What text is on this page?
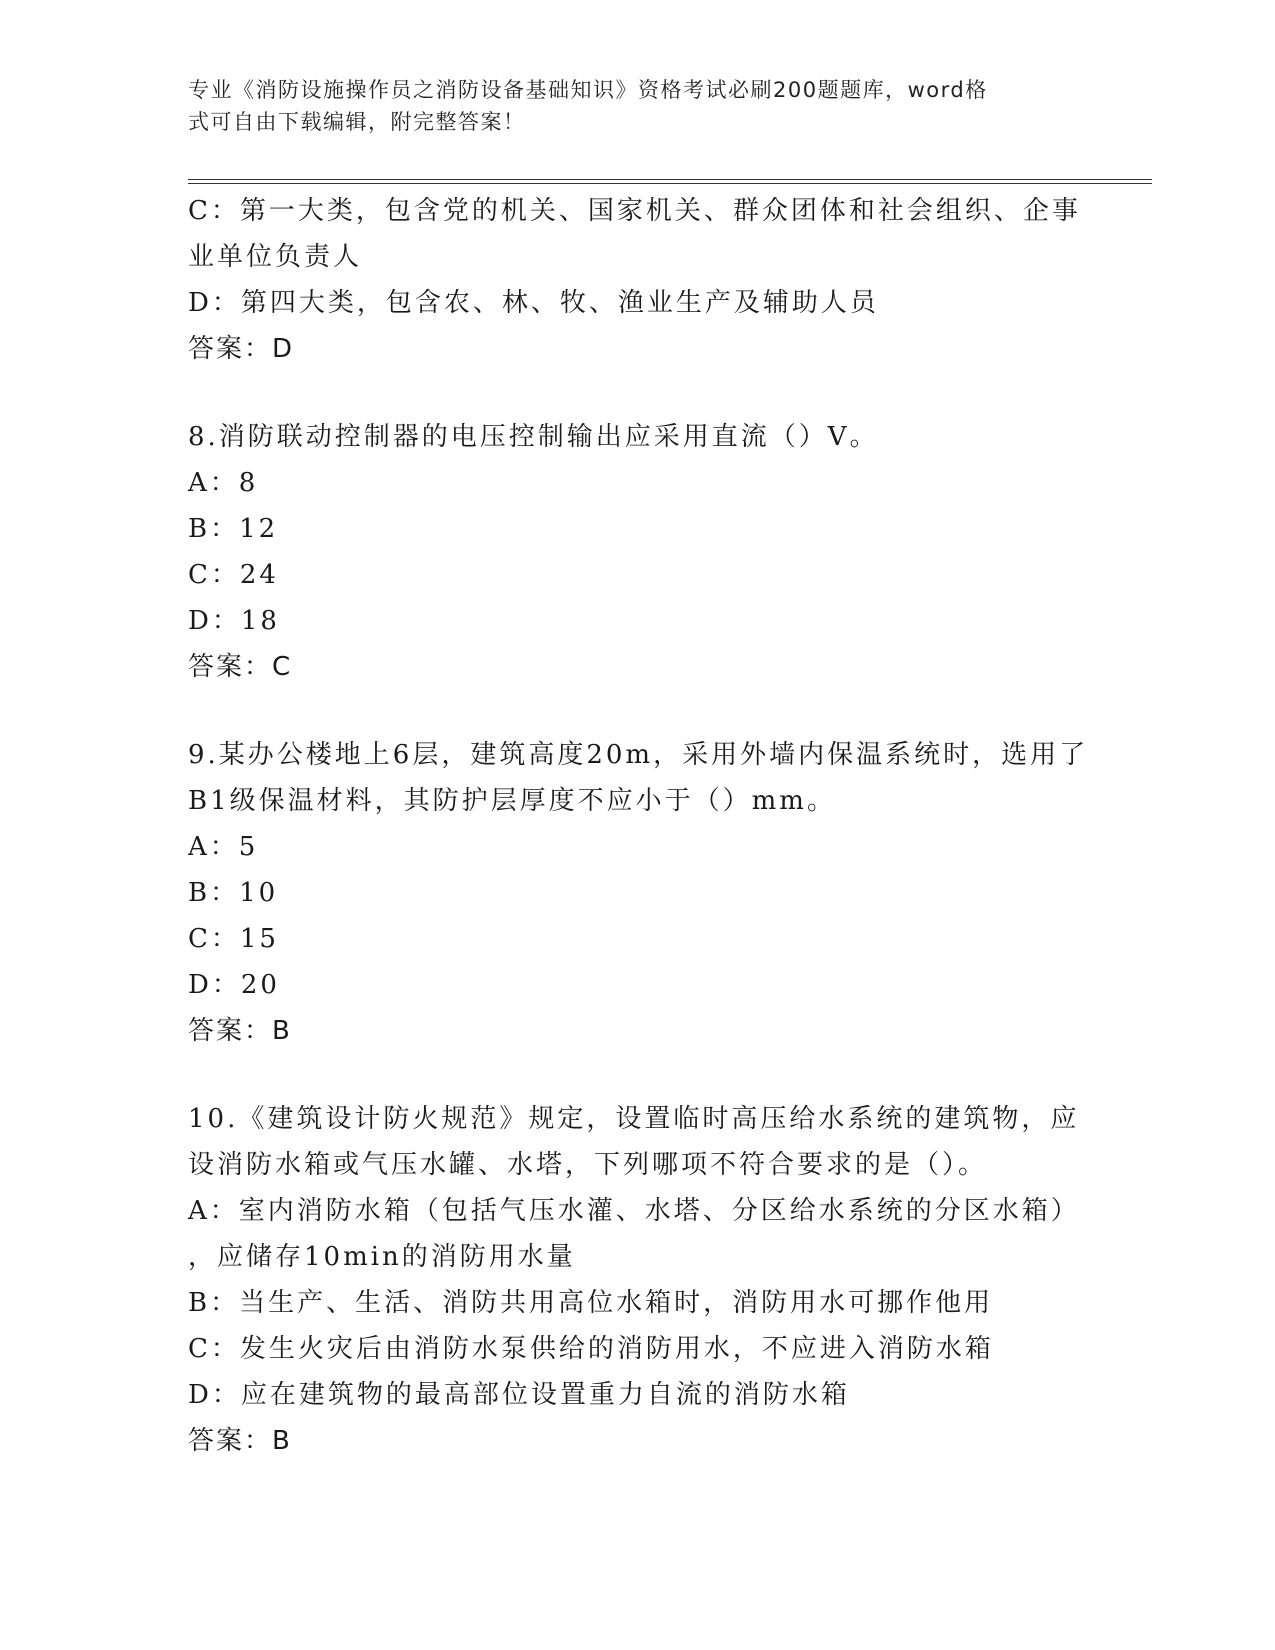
专业《消防设施操作员之消防设备基础知识》资格考试必刷200题题库，word格
式可自由下载编辑，附完整答案！

C：第一大类，包含党的机关、国家机关、群众团体和社会组织、企事

业单位负责人

D：第四大类，包含农、林、牧、渔业生产及辅助人员

答案：D

8.消防联动控制器的电压控制输出应采用直流（）V。

A：8

B：12

C：24

D：18

答案：C

9.某办公楼地上6层，建筑高度20m，采用外墙内保温系统时，选用了

B1级保温材料，其防护层厚度不应小于（）mm。

A：5

B：10

C：15

D：20

答案：B

10.《建筑设计防火规范》规定，设置临时高压给水系统的建筑物，应

设消防水箱或气压水罐、水塔，下列哪项不符合要求的是（）。

A：室内消防水箱（包括气压水灌、水塔、分区给水系统的分区水箱）

，应储存10min的消防用水量

B：当生产、生活、消防共用高位水箱时，消防用水可挪作他用

C：发生火灾后由消防水泵供给的消防用水，不应进入消防水箱

D：应在建筑物的最高部位设置重力自流的消防水箱

答案：B
